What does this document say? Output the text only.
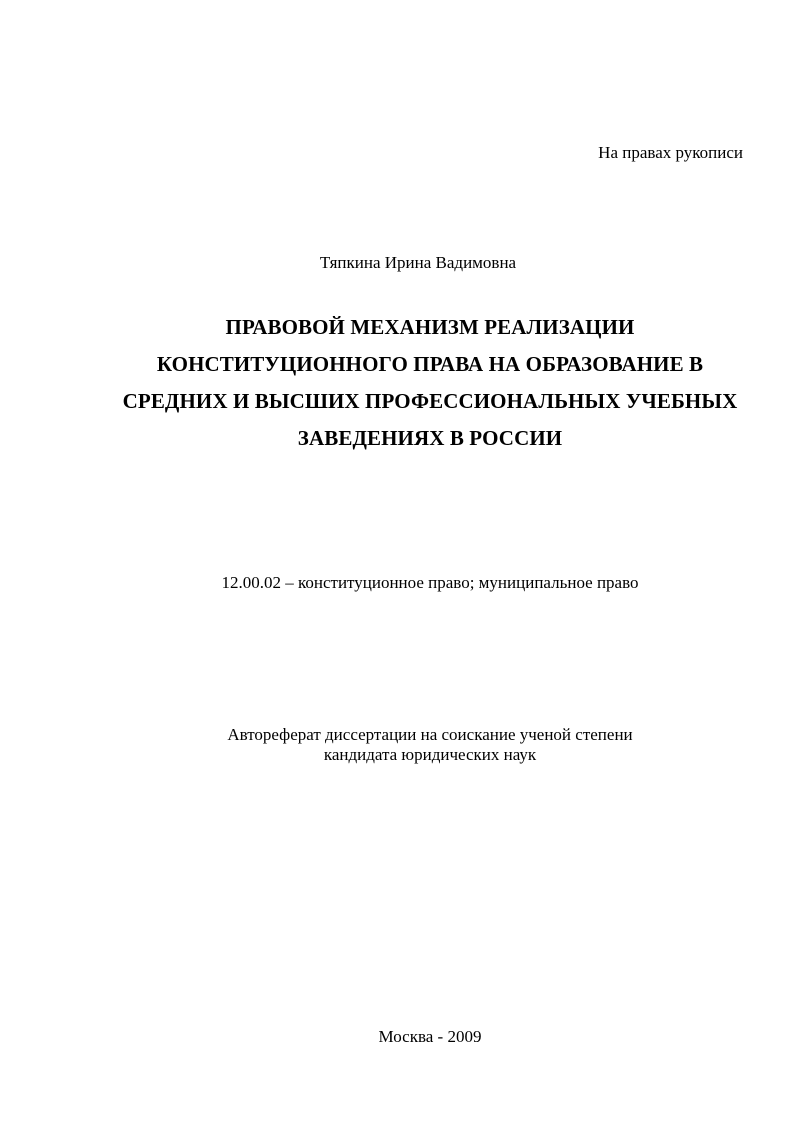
На правах рукописи
Тяпкина Ирина Вадимовна
ПРАВОВОЙ МЕХАНИЗМ РЕАЛИЗАЦИИ
КОНСТИТУЦИОННОГО ПРАВА НА ОБРАЗОВАНИЕ В
СРЕДНИХ И ВЫСШИХ ПРОФЕССИОНАЛЬНЫХ УЧЕБНЫХ
ЗАВЕДЕНИЯХ В РОССИИ
12.00.02 – конституционное право; муниципальное право
Автореферат диссертации на соискание ученой степени
кандидата юридических наук
Москва - 2009
